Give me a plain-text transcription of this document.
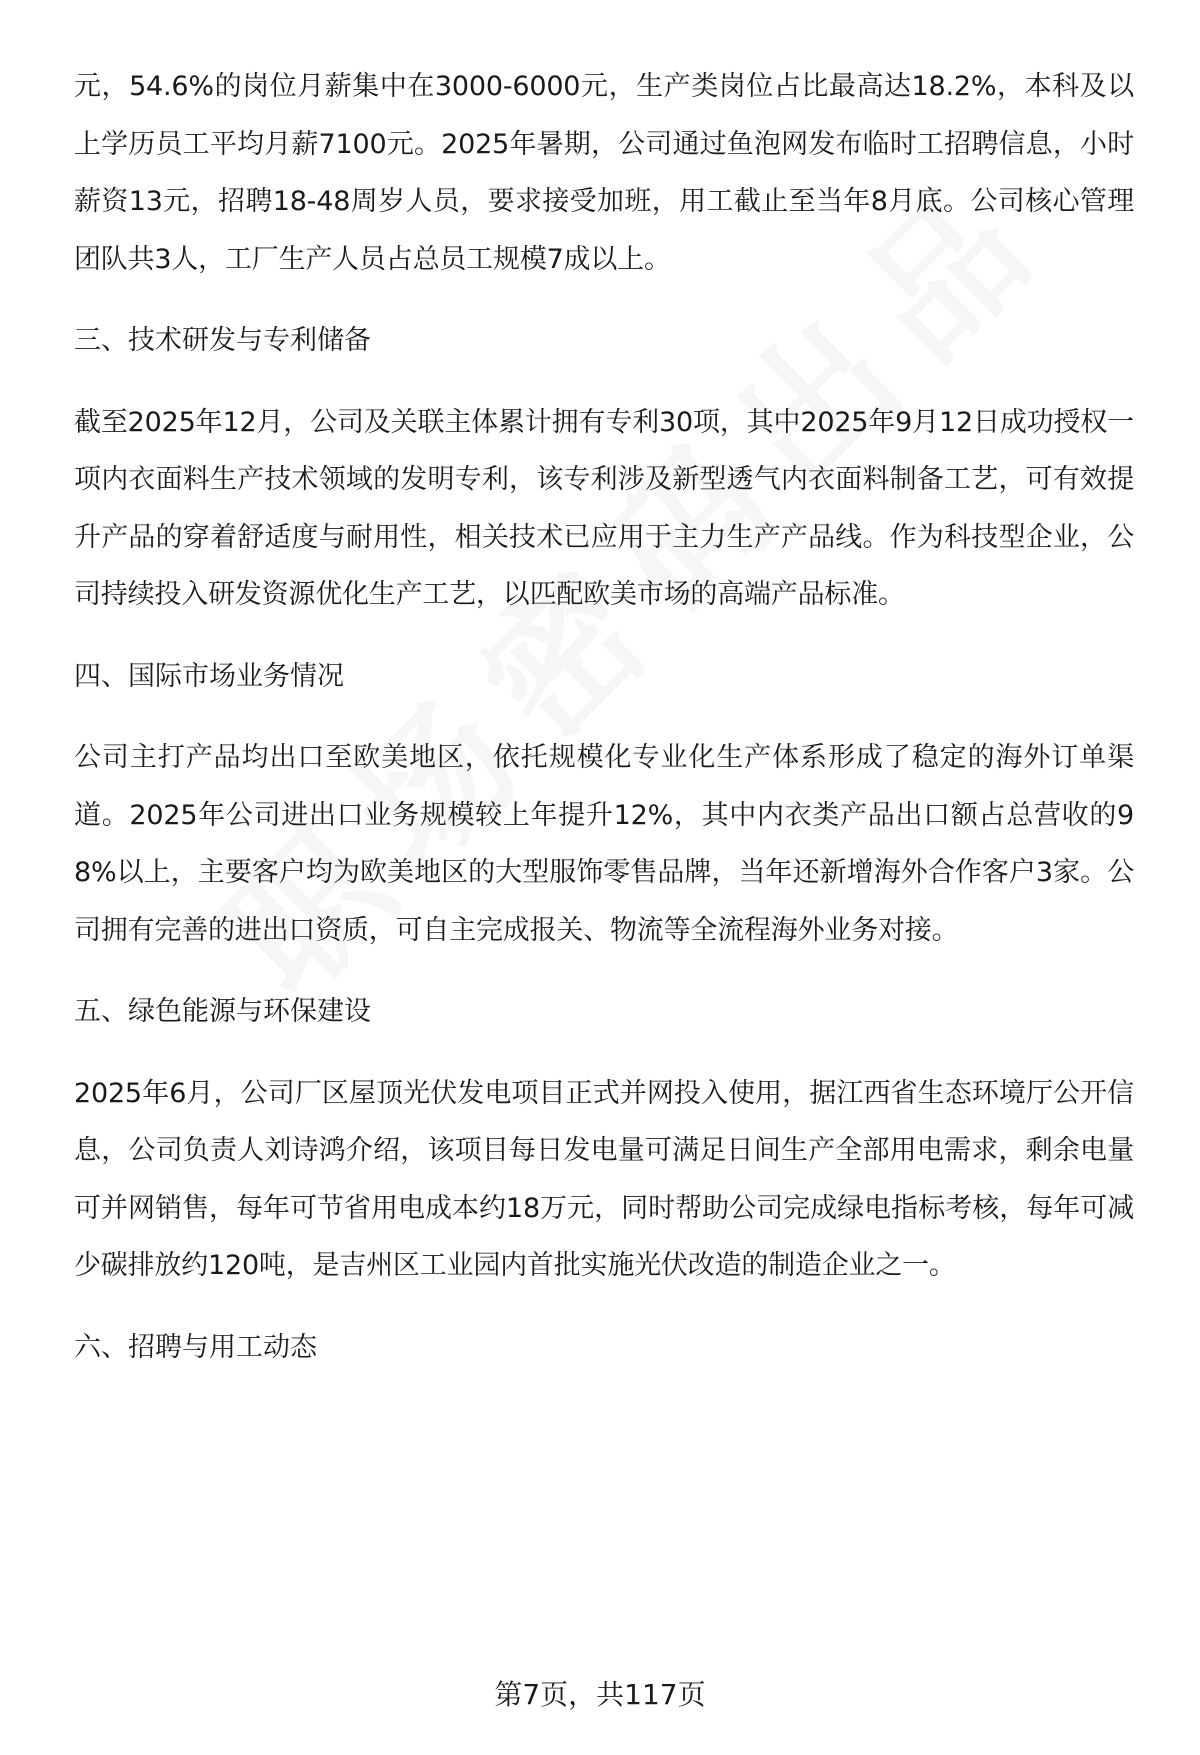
元，54.6%的岗位月薪集中在3000-6000元，生产类岗位占比最高达18.2%，本科及以上学历员工平均月薪7100元。2025年暑期，公司通过鱼泡网发布临时工招聘信息，小时薪资13元，招聘18-48周岁人员，要求接受加班，用工截止至当年8月底。公司核心管理团队共3人，工厂生产人员占总员工规模7成以上。

三、技术研发与专利储备

截至2025年12月，公司及关联主体累计拥有专利30项，其中2025年9月12日成功授权一项内衣面料生产技术领域的发明专利，该专利涉及新型透气内衣面料制备工艺，可有效提升产品的穿着舒适度与耐用性，相关技术已应用于主力生产产品线。作为科技型企业，公司持续投入研发资源优化生产工艺，以匹配欧美市场的高端产品标准。

四、国际市场业务情况

公司主打产品均出口至欧美地区，依托规模化专业化生产体系形成了稳定的海外订单渠道。2025年公司进出口业务规模较上年提升12%，其中内衣类产品出口额占总营收的98%以上，主要客户均为欧美地区的大型服饰零售品牌，当年还新增海外合作客户3家。公司拥有完善的进出口资质，可自主完成报关、物流等全流程海外业务对接。

五、绿色能源与环保建设

2025年6月，公司厂区屋顶光伏发电项目正式并网投入使用，据江西省生态环境厅公开信息，公司负责人刘诗鸿介绍，该项目每日发电量可满足日间生产全部用电需求，剩余电量可并网销售，每年可节省用电成本约18万元，同时帮助公司完成绿电指标考核，每年可减少碳排放约120吨，是吉州区工业园内首批实施光伏改造的制造企业之一。

六、招聘与用工动态

第7页，共117页
